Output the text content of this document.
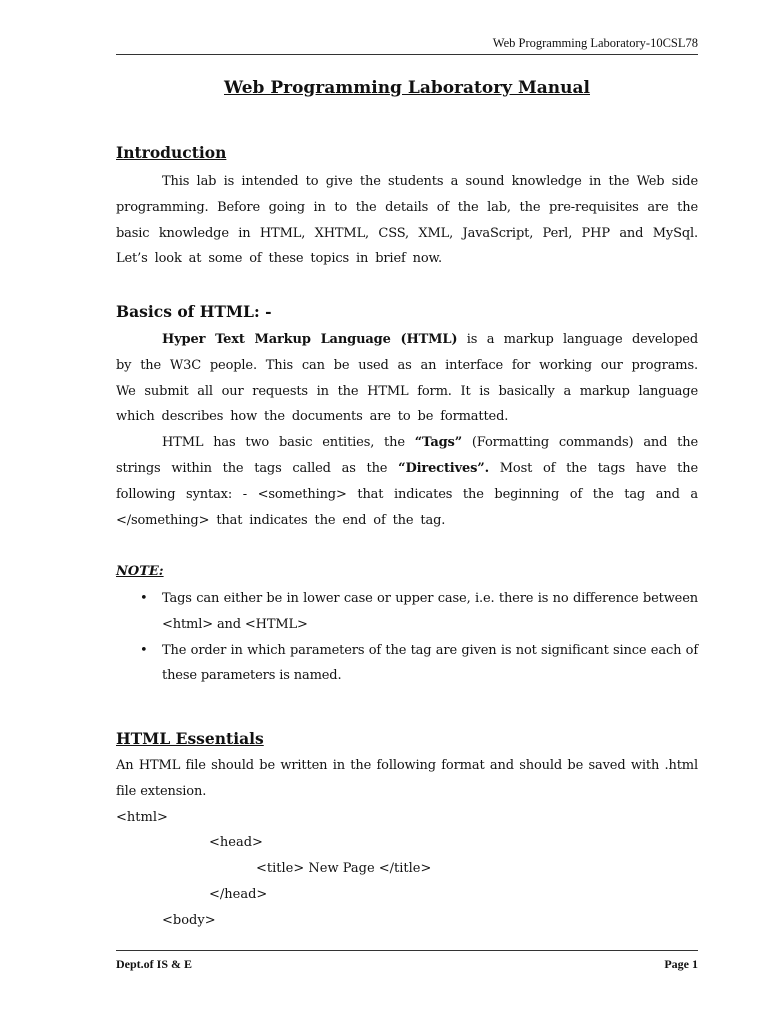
Web Programming Laboratory-10CSL78
Web Programming Laboratory Manual
Introduction
This lab is intended to give the students a sound knowledge in the Web side programming. Before going in to the details of the lab, the pre-requisites are the basic knowledge in HTML, XHTML, CSS, XML, JavaScript, Perl, PHP and MySql. Let’s look at some of these topics in brief now.
Basics of HTML: -
Hyper Text Markup Language (HTML) is a markup language developed by the W3C people. This can be used as an interface for working our programs. We submit all our requests in the HTML form. It is basically a markup language which describes how the documents are to be formatted.
HTML has two basic entities, the “Tags” (Formatting commands) and the strings within the tags called as the “Directives”. Most of the tags have the following syntax: - <something> that indicates the beginning of the tag and a </something> that indicates the end of the tag.
NOTE:
• Tags can either be in lower case or upper case, i.e. there is no difference between <html> and <HTML>
• The order in which parameters of the tag are given is not significant since each of these parameters is named.
HTML Essentials
An HTML file should be written in the following format and should be saved with .html file extension.
<html>
<head>
<title> New Page </title>
</head>
<body>
Dept.of IS & E	Page 1
